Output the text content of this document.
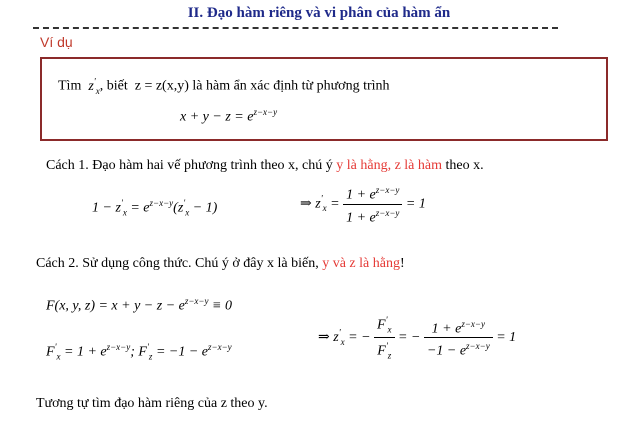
II. Đạo hàm riêng và vi phân của hàm ẩn
Ví dụ
Tìm  $z'_x$, biết z = z(x,y) là hàm ẩn xác định từ phương trình
$x + y - z = e^{z-x-y}$
Cách 1. Đạo hàm hai vế phương trình theo x, chú ý y là hằng, z là hàm theo x.
$1 - z'_x = e^{z-x-y}(z'_x - 1)$	⇒ $z'_x = \frac{1 + e^{z-x-y}}{1 + e^{z-x-y}} = 1$
Cách 2. Sử dụng công thức. Chú ý ở đây x là biến, y và z là hằng!
F(x, y, $z) = x + y - z - e^{z-x-y} \equiv 0$
$F'_x = 1 + e^{z-x-y}$; $F'_z = -1 - e^{z-x-y}$
⇒ $z'_x$ = − $\frac{F'_x}{F'_z}$ = − $\frac{1 + e^{z-x-y}}{-1 - e^{z-x-y}} = 1$
Tương tự tìm đạo hàm riêng của z theo y.
